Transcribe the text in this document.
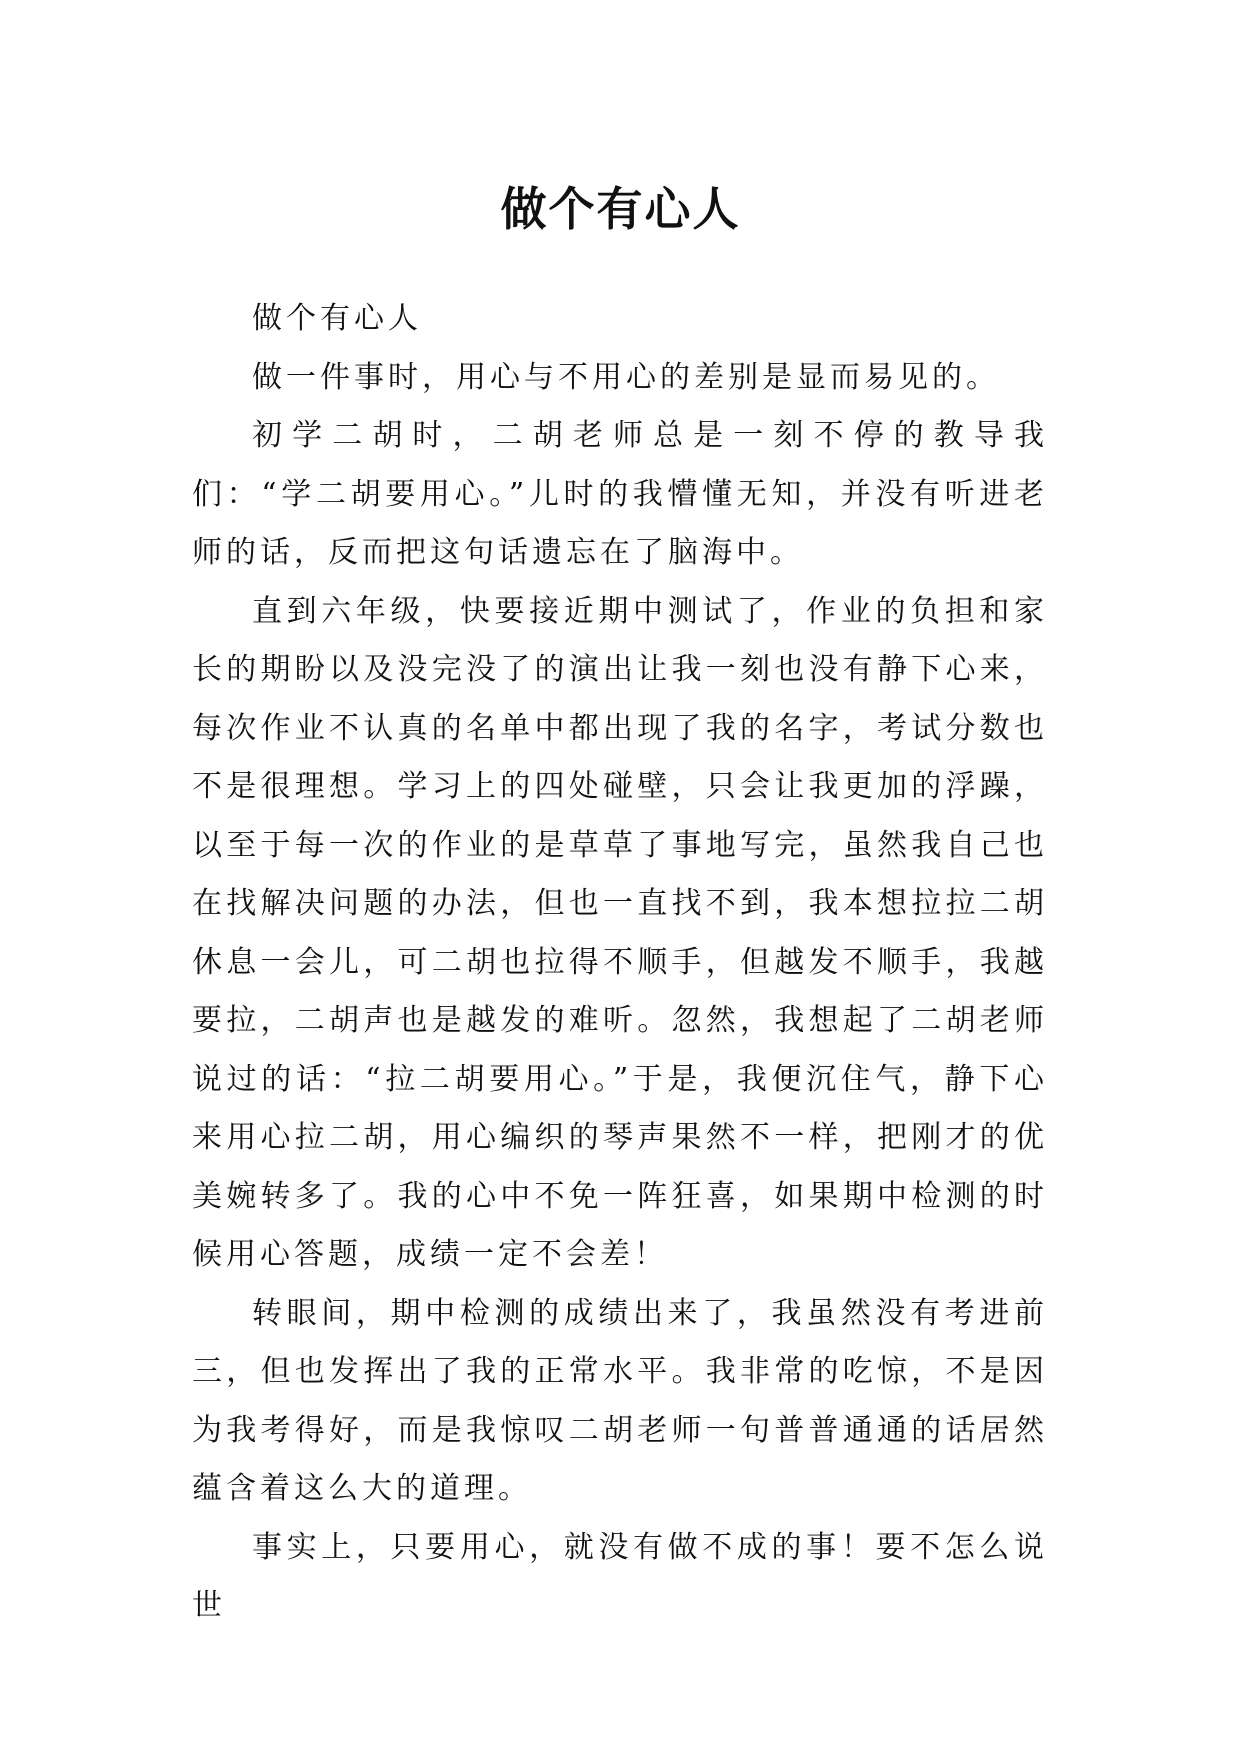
做个有心人

做个有心人

做一件事时，用心与不用心的差别是显而易见的。

初学二胡时，二胡老师总是一刻不停的教导我们：“学二胡要用心。”儿时的我懵懂无知，并没有听进老师的话，反而把这句话遗忘在了脑海中。

直到六年级，快要接近期中测试了，作业的负担和家长的期盼以及没完没了的演出让我一刻也没有静下心来，每次作业不认真的名单中都出现了我的名字，考试分数也不是很理想。学习上的四处碰壁，只会让我更加的浮躁，以至于每一次的作业的是草草了事地写完，虽然我自己也在找解决问题的办法，但也一直找不到，我本想拉拉二胡休息一会儿，可二胡也拉得不顺手，但越发不顺手，我越要拉，二胡声也是越发的难听。忽然，我想起了二胡老师说过的话：“拉二胡要用心。”于是，我便沉住气，静下心来用心拉二胡，用心编织的琴声果然不一样，把刚才的优美婉转多了。我的心中不免一阵狂喜，如果期中检测的时候用心答题，成绩一定不会差！

转眼间，期中检测的成绩出来了，我虽然没有考进前三，但也发挥出了我的正常水平。我非常的吃惊，不是因为我考得好，而是我惊叹二胡老师一句普普通通的话居然蕴含着这么大的道理。

事实上，只要用心，就没有做不成的事！要不怎么说世
